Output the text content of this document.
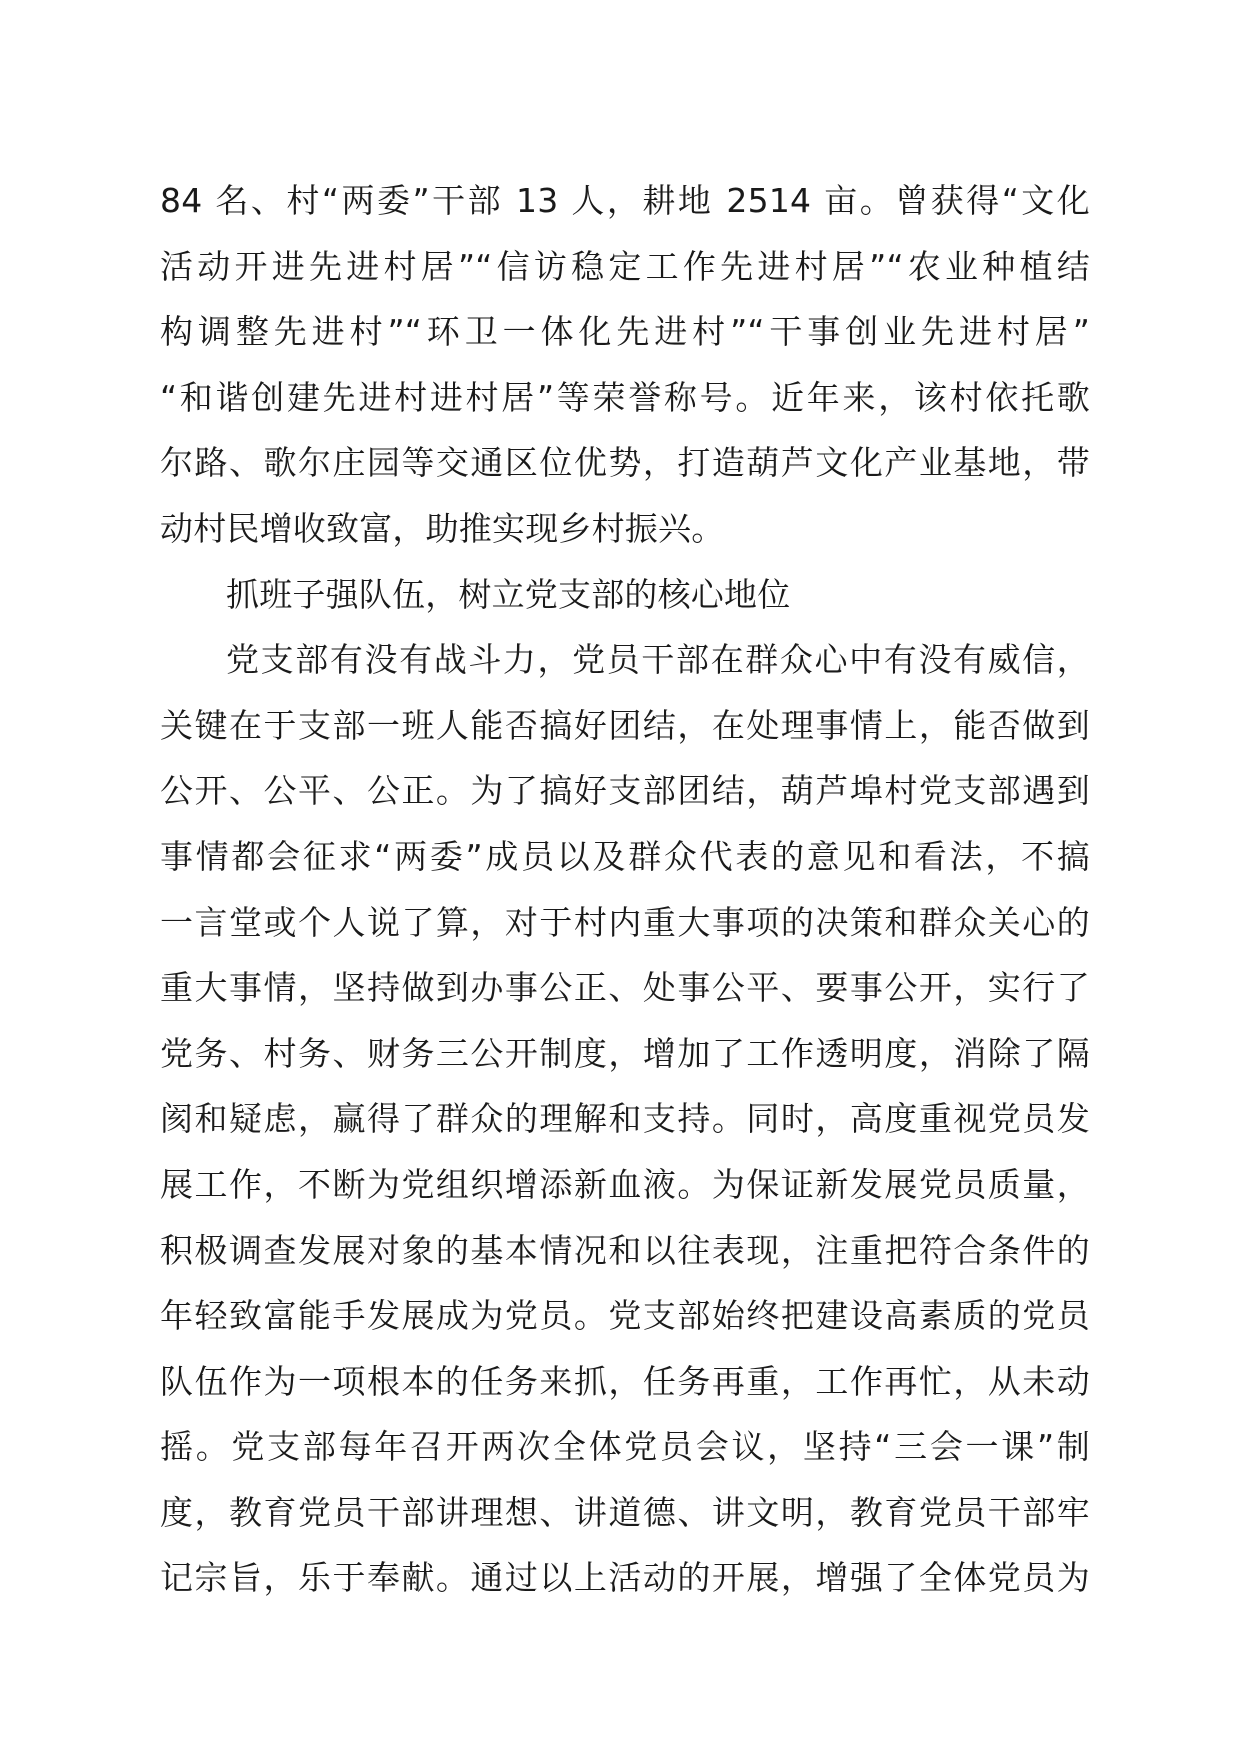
84 名、村“两委”干部 13 人，耕地 2514 亩。曾获得“文化
活动开进先进村居”“信访稳定工作先进村居”“农业种植结
构调整先进村”“环卫一体化先进村”“干事创业先进村居”
“和谐创建先进村进村居”等荣誉称号。近年来，该村依托歌
尔路、歌尔庄园等交通区位优势，打造葫芦文化产业基地，带
动村民增收致富，助推实现乡村振兴。
抓班子强队伍，树立党支部的核心地位
党支部有没有战斗力，党员干部在群众心中有没有威信，
关键在于支部一班人能否搞好团结，在处理事情上，能否做到
公开、公平、公正。为了搞好支部团结，葫芦埠村党支部遇到
事情都会征求“两委”成员以及群众代表的意见和看法，不搞
一言堂或个人说了算，对于村内重大事项的决策和群众关心的
重大事情，坚持做到办事公正、处事公平、要事公开，实行了
党务、村务、财务三公开制度，增加了工作透明度，消除了隔
阂和疑虑，赢得了群众的理解和支持。同时，高度重视党员发
展工作，不断为党组织增添新血液。为保证新发展党员质量，
积极调查发展对象的基本情况和以往表现，注重把符合条件的
年轻致富能手发展成为党员。党支部始终把建设高素质的党员
队伍作为一项根本的任务来抓，任务再重，工作再忙，从未动
摇。党支部每年召开两次全体党员会议，坚持“三会一课”制
度，教育党员干部讲理想、讲道德、讲文明，教育党员干部牢
记宗旨，乐于奉献。通过以上活动的开展，增强了全体党员为
